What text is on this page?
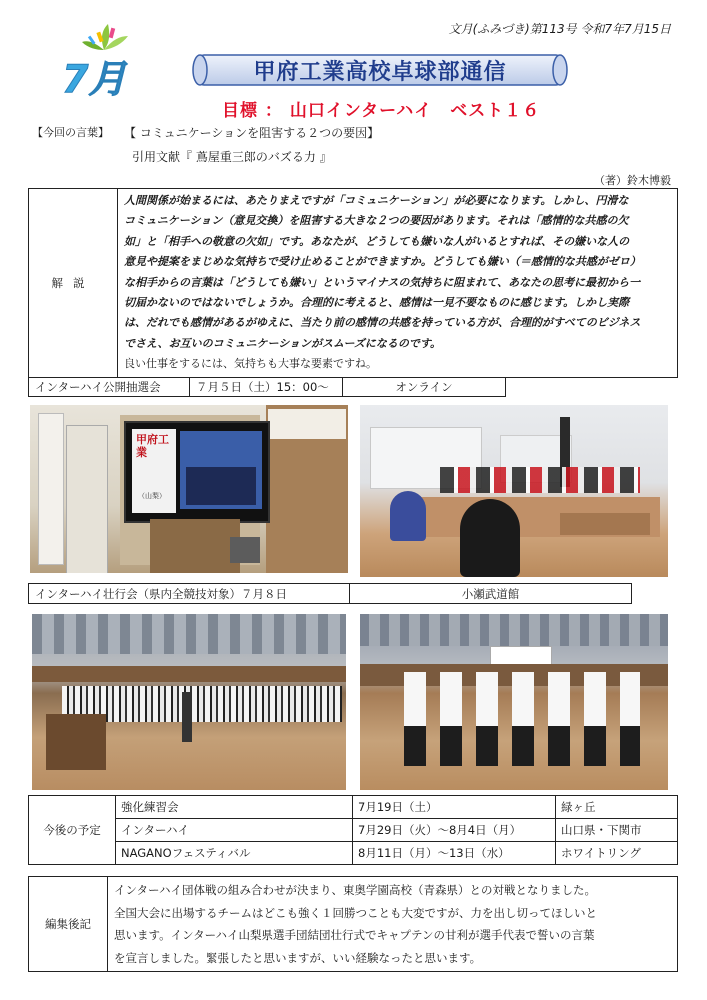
文月(ふみづき)第113号 令和7年7月15日
7月	甲府工業高校卓球部通信
目標 ： 山口インターハイ　ベスト１６
【今回の言葉】 【 コミュニケーションを阻害する２つの要因】
引用文献『 蔦屋重三郎のバズる力 』
（著）鈴木博毅
解説	
人間関係が始まるには、あたりまえですが「コミュニケーション」が必要になります。しかし、円滑な
コミュニケーション（意見交換）を阻害する大きな２つの要因があります。それは「感情的な共感の欠
如」と「相手への敬意の欠如」です。あなたが、どうしても嫌いな人がいるとすれば、その嫌いな人の
意見や提案をまじめな気持ちで受け止めることができますか。どうしても嫌い（＝感情的な共感がゼロ）
な相手からの言葉は「どうしても嫌い」というマイナスの気持ちに阻まれて、あなたの思考に最初から一
切届かないのではないでしょうか。合理的に考えると、感情は一見不要なものに感じます。しかし実際
は、だれでも感情があるがゆえに、当たり前の感情の共感を持っている方が、合理的がすべてのビジネス
でさえ、お互いのコミュニケーションがスムーズになるのです。
良い仕事をするには、気持ちも大事な要素ですね。
インターハイ公開抽選会	７月５日（土）15：00〜	オンライン
甲府工業
（山梨）
インターハイ壮行会（県内全競技対象）７月８日	小瀬武道館
今後の予定	強化練習会	7月19日（土）	緑ヶ丘
	インターハイ	7月29日（火）〜8月4日（月）	山口県・下関市
	NAGANOフェスティバル	8月11日（月）〜13日（水）	ホワイトリング
編集後記	
インターハイ団体戦の組み合わせが決まり、東奥学園高校（青森県）との対戦となりました。
全国大会に出場するチームはどこも強く１回勝つことも大変ですが、力を出し切ってほしいと
思います。インターハイ山梨県選手団結団壮行式でキャプテンの甘利が選手代表で誓いの言葉
を宣言しました。緊張したと思いますが、いい経験なったと思います。
